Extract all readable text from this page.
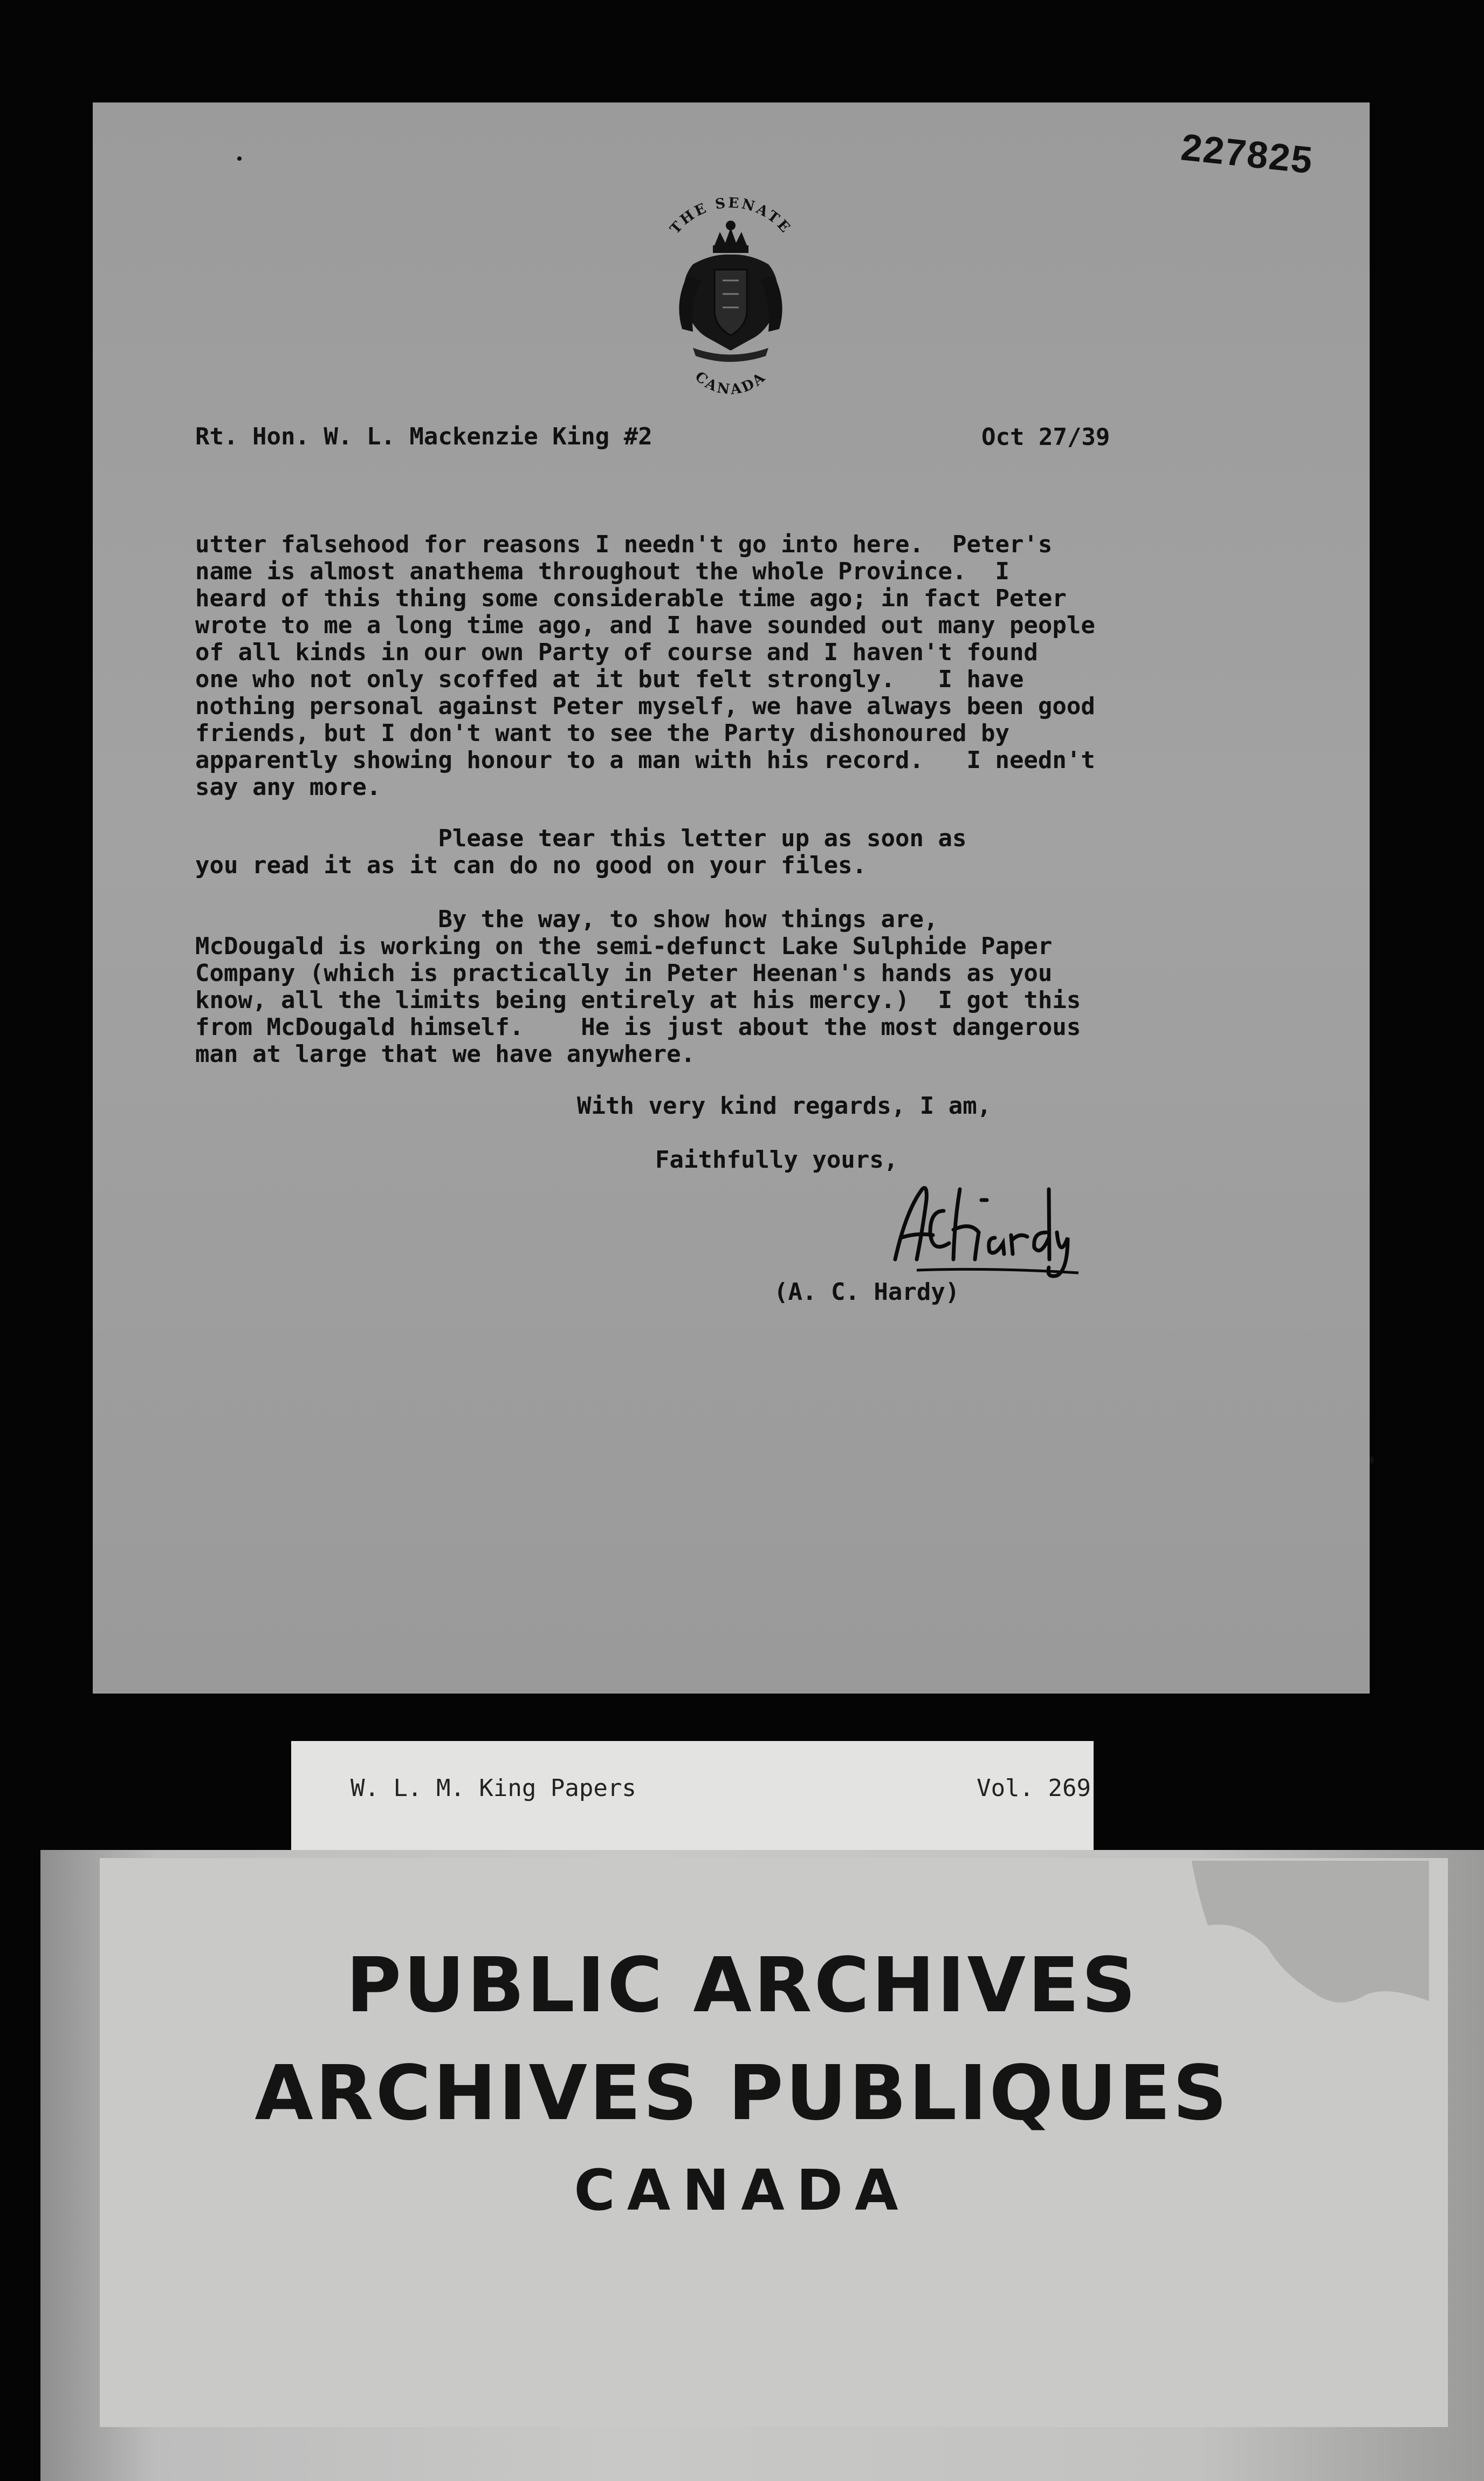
227825
THE SENATE
CANADA
Rt. Hon. W. L. Mackenzie King #2	Oct 27/39

utter falsehood for reasons I needn't go into here.  Peter's
name is almost anathema throughout the whole Province.  I
heard of this thing some considerable time ago; in fact Peter
wrote to me a long time ago, and I have sounded out many people
of all kinds in our own Party of course and I haven't found
one who not only scoffed at it but felt strongly.   I have
nothing personal against Peter myself, we have always been good
friends, but I don't want to see the Party dishonoured by
apparently showing honour to a man with his record.   I needn't
say any more.

Please tear this letter up as soon as
you read it as it can do no good on your files.

By the way, to show how things are,
McDougald is working on the semi-defunct Lake Sulphide Paper
Company (which is practically in Peter Heenan's hands as you
know, all the limits being entirely at his mercy.)  I got this
from McDougald himself.    He is just about the most dangerous
man at large that we have anywhere.

With very kind regards, I am,
Faithfully yours,
(A. C. Hardy)
W. L. M. King Papers	Vol. 269
PUBLIC ARCHIVES
ARCHIVES PUBLIQUES
CANADA
